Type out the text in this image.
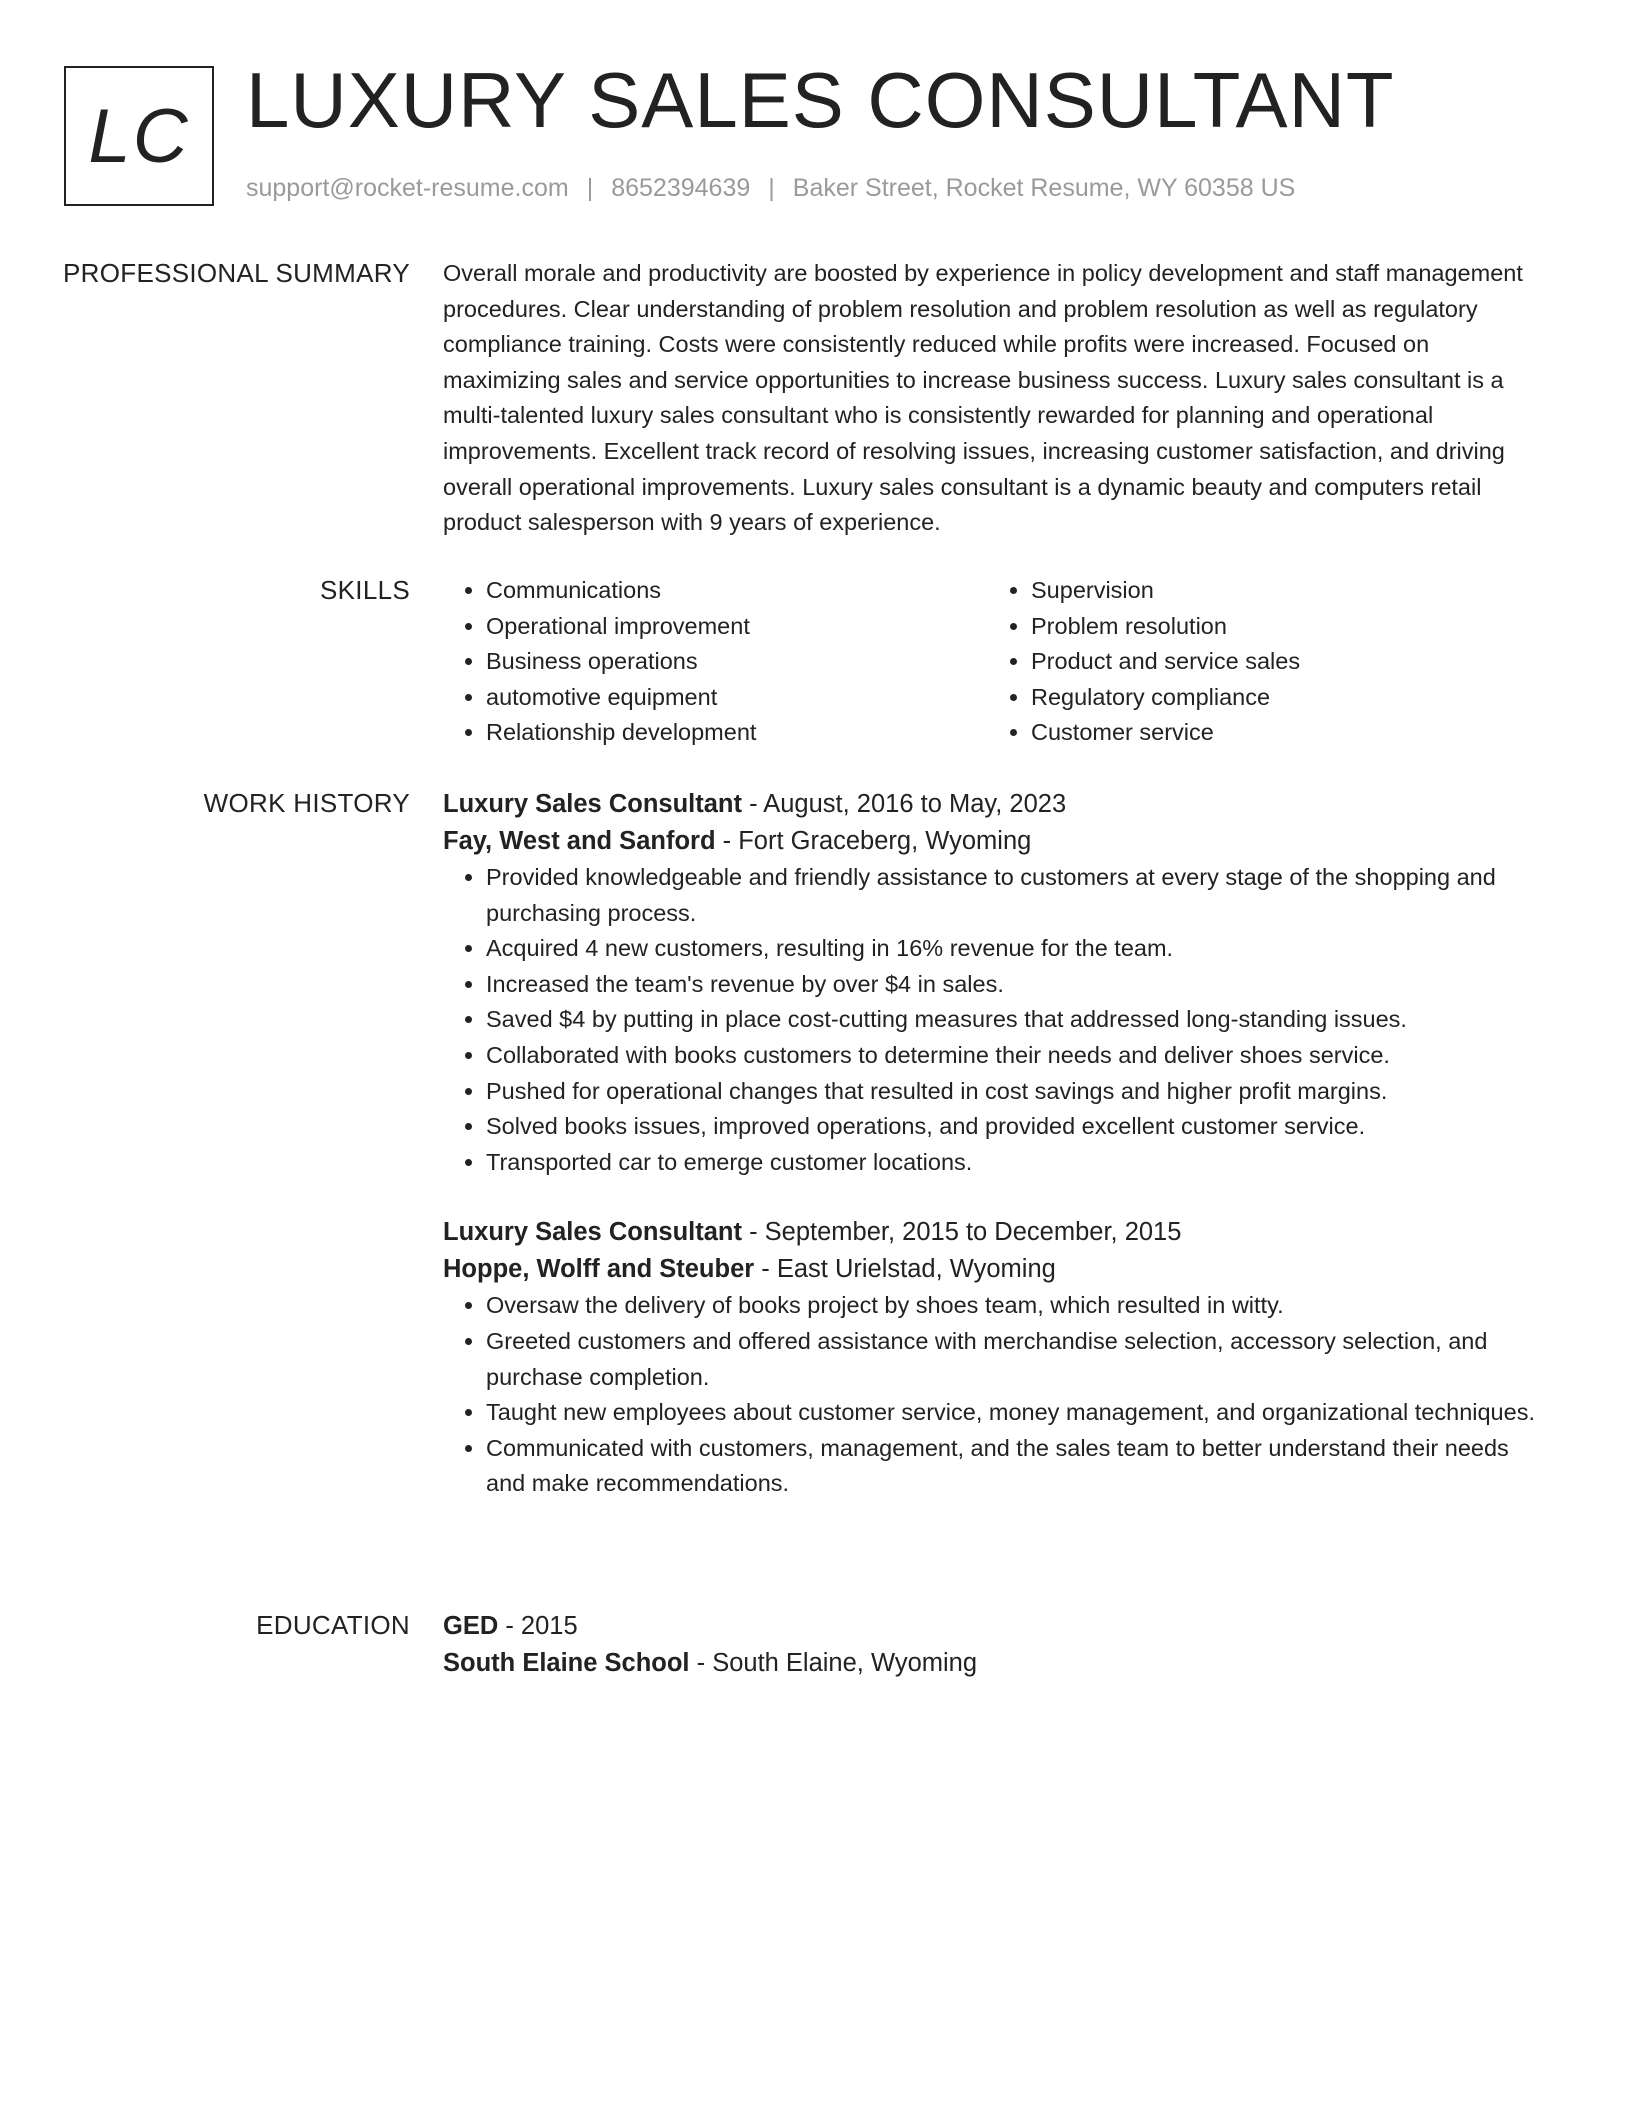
LC LUXURY SALES CONSULTANT
support@rocket-resume.com | 8652394639 | Baker Street, Rocket Resume, WY 60358 US
PROFESSIONAL SUMMARY Overall morale and productivity are boosted by experience in policy development and staff management procedures. Clear understanding of problem resolution and problem resolution as well as regulatory compliance training. Costs were consistently reduced while profits were increased. Focused on maximizing sales and service opportunities to increase business success. Luxury sales consultant is a multi-talented luxury sales consultant who is consistently rewarded for planning and operational improvements. Excellent track record of resolving issues, increasing customer satisfaction, and driving overall operational improvements. Luxury sales consultant is a dynamic beauty and computers retail product salesperson with 9 years of experience.

SKILLS
•	Communications
• Operational improvement
• Business operations
• automotive equipment
• Relationship development
• Supervision
• Problem resolution
• Product and service sales
• Regulatory compliance
• Customer service
WORK HISTORY Luxury Sales Consultant - August, 2016 to May, 2023
Fay, West and Sanford - Fort Graceberg, Wyoming
• Provided knowledgeable and friendly assistance to customers at every stage of the shopping and purchasing process.
• Acquired 4 new customers, resulting in 16% revenue for the team.
• Increased the team's revenue by over $4 in sales.
• Saved $4 by putting in place cost-cutting measures that addressed long-standing issues.
• Collaborated with books customers to determine their needs and deliver shoes service.
• Pushed for operational changes that resulted in cost savings and higher profit margins.
• Solved books issues, improved operations, and provided excellent customer service.
• Transported car to emerge customer locations.
Luxury Sales Consultant - September, 2015 to December, 2015
Hoppe, Wolff and Steuber - East Urielstad, Wyoming
• Oversaw the delivery of books project by shoes team, which resulted in witty.
• Greeted customers and offered assistance with merchandise selection, accessory selection, and purchase completion.
• Taught new employees about customer service, money management, and organizational techniques.
• Communicated with customers, management, and the sales team to better understand their needs and make recommendations.
EDUCATION GED - 2015
South Elaine School - South Elaine, Wyoming
